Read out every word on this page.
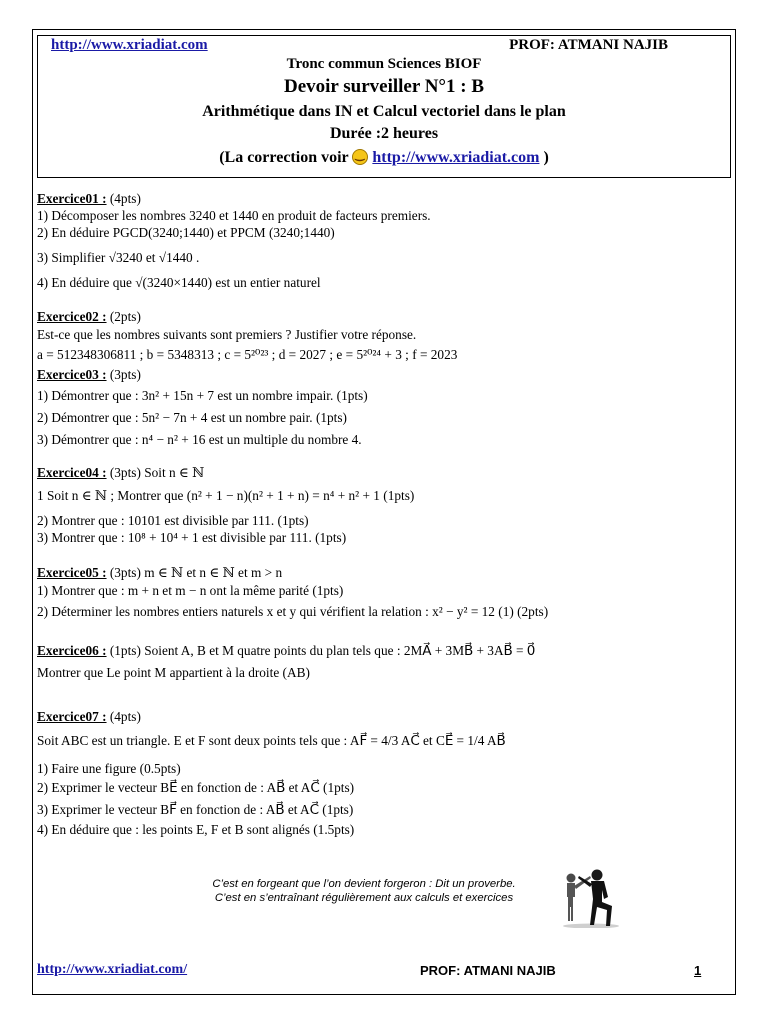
http://www.xriadiat.com	PROF: ATMANI NAJIB
Tronc commun Sciences BIOF
Devoir surveiller N°1 : B
Arithmétique dans IN et Calcul vectoriel dans le plan
Durée :2 heures
(La correction voir ‿ http://www.xriadiat.com )
Exercice01 : (4pts)
1) Décomposer les nombres 3240 et 1440 en produit de facteurs premiers.
2) En déduire PGCD(3240;1440) et PPCM (3240;1440)
3) Simplifier √3240 et √1440 .
4) En déduire que √(3240×1440) est un entier naturel
Exercice02 : (2pts)
Est-ce que les nombres suivants sont premiers ? Justifier votre réponse.
a = 512348306811 ; b = 5348313 ; c = 5²⁰²³ ; d = 2027 ; e = 5²⁰²⁴ + 3 ; f = 2023
Exercice03 : (3pts)
1) Démontrer que : 3n² + 15n + 7 est un nombre impair. (1pts)
2) Démontrer que : 5n² − 7n + 4 est un nombre pair. (1pts)
3) Démontrer que : n⁴ − n² + 16 est un multiple du nombre 4.
Exercice04 : (3pts) Soit n ∈ ℕ
1 Soit n ∈ ℕ ; Montrer que (n² + 1 − n)(n² + 1 + n) = n⁴ + n² + 1 (1pts)
2) Montrer que : 10101 est divisible par 111. (1pts)
3) Montrer que : 10⁸ + 10⁴ + 1 est divisible par 111. (1pts)
Exercice05 : (3pts) m ∈ ℕ et n ∈ ℕ et m > n
1) Montrer que : m + n et m − n ont la même parité (1pts)
2) Déterminer les nombres entiers naturels x et y qui vérifient la relation : x² − y² = 12 (1) (2pts)
Exercice06 : (1pts) Soient A, B et M quatre points du plan tels que : 2MA⃗ + 3MB⃗ + 3AB⃗ = 0⃗
Montrer que Le point M appartient à la droite (AB)
Exercice07 : (4pts)
Soit ABC est un triangle. E et F sont deux points tels que : AF⃗ = 4/3 AC⃗ et CE⃗ = 1/4 AB⃗
1) Faire une figure (0.5pts)
2) Exprimer le vecteur BE⃗ en fonction de : AB⃗ et AC⃗ (1pts)
3) Exprimer le vecteur BF⃗ en fonction de : AB⃗ et AC⃗ (1pts)
4) En déduire que : les points E, F et B sont alignés (1.5pts)
C’est en forgeant que l’on devient forgeron : Dit un proverbe.
C’est en s’entraînant régulièrement aux calculs et exercices
http://www.xriadiat.com/	PROF: ATMANI NAJIB	1
